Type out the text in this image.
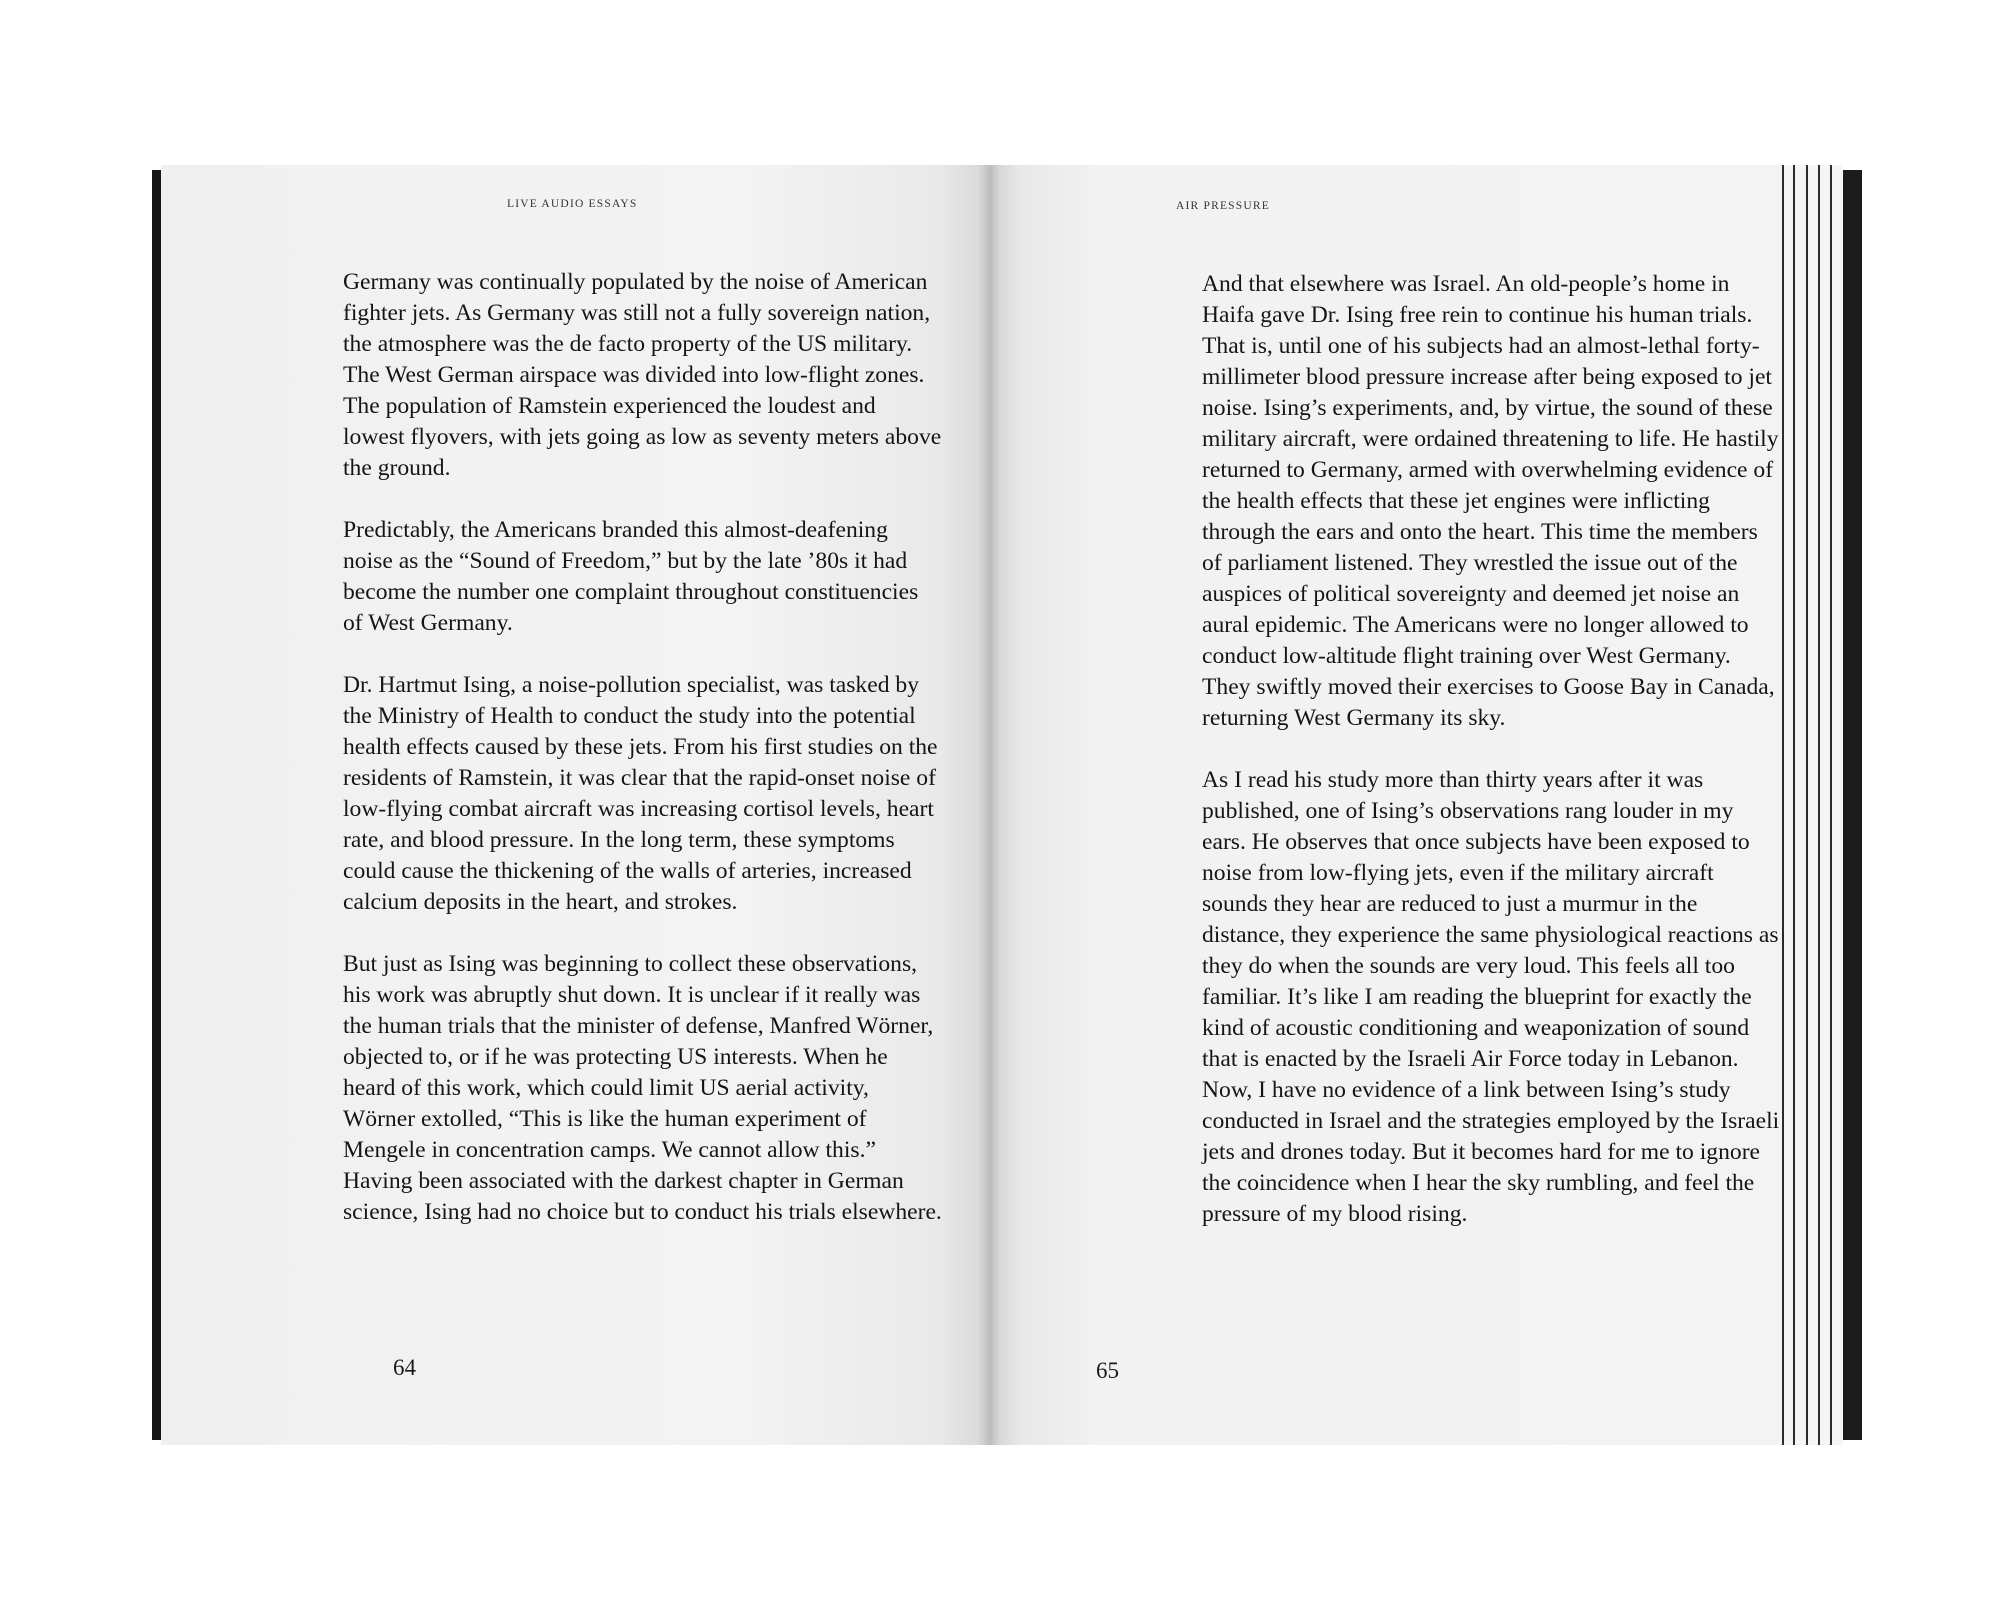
LIVE AUDIO ESSAYS

Germany was continually populated by the noise of American fighter jets. As Germany was still not a fully sovereign nation, the atmosphere was the de facto property of the US military. The West German airspace was divided into low-flight zones. The population of Ramstein experienced the loudest and lowest flyovers, with jets going as low as seventy meters above the ground.

Predictably, the Americans branded this almost-deafening noise as the “Sound of Freedom,” but by the late ’80s it had become the number one complaint throughout constituencies of West Germany.

Dr. Hartmut Ising, a noise-pollution specialist, was tasked by the Ministry of Health to conduct the study into the potential health effects caused by these jets. From his first studies on the residents of Ramstein, it was clear that the rapid-onset noise of low-flying combat aircraft was increasing cortisol levels, heart rate, and blood pressure. In the long term, these symptoms could cause the thickening of the walls of arteries, increased calcium deposits in the heart, and strokes.

But just as Ising was beginning to collect these observations, his work was abruptly shut down. It is unclear if it really was the human trials that the minister of defense, Manfred Wörner, objected to, or if he was protecting US interests. When he heard of this work, which could limit US aerial activity, Wörner extolled, “This is like the human experiment of Mengele in concentration camps. We cannot allow this.” Having been associated with the darkest chapter in German science, Ising had no choice but to conduct his trials elsewhere.

64
AIR PRESSURE

And that elsewhere was Israel. An old-people’s home in Haifa gave Dr. Ising free rein to continue his human trials. That is, until one of his subjects had an almost-lethal forty-millimeter blood pressure increase after being exposed to jet noise. Ising’s experiments, and, by virtue, the sound of these military aircraft, were ordained threatening to life. He hastily returned to Germany, armed with overwhelming evidence of the health effects that these jet engines were inflicting through the ears and onto the heart. This time the members of parliament listened. They wrestled the issue out of the auspices of political sovereignty and deemed jet noise an aural epidemic. The Americans were no longer allowed to conduct low-altitude flight training over West Germany. They swiftly moved their exercises to Goose Bay in Canada, returning West Germany its sky.

As I read his study more than thirty years after it was published, one of Ising’s observations rang louder in my ears. He observes that once subjects have been exposed to noise from low-flying jets, even if the military aircraft sounds they hear are reduced to just a murmur in the distance, they experience the same physiological reactions as they do when the sounds are very loud. This feels all too familiar. It’s like I am reading the blueprint for exactly the kind of acoustic conditioning and weaponization of sound that is enacted by the Israeli Air Force today in Lebanon. Now, I have no evidence of a link between Ising’s study conducted in Israel and the strategies employed by the Israeli jets and drones today. But it becomes hard for me to ignore the coincidence when I hear the sky rumbling, and feel the pressure of my blood rising.

65
